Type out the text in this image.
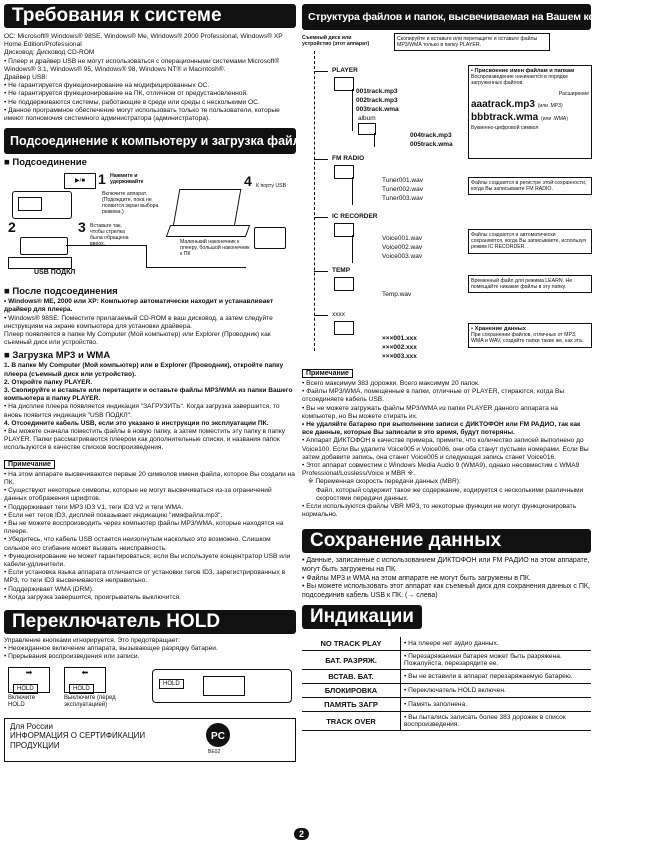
Требования к системе

ОС: Microsoft® Windows® 98SE, Windows® Me, Windows® 2000 Professional, Windows® XP Home Edition/Professional

Дисковод: Дисковод CD-ROM

• Плеер и драйвер USB не могут использоваться с операционными системами Microsoft® Windows® 3.1, Windows® 95, Windows® 98, Windows NT® и Macintosh®.

Драйвер USB:

• Не гарантируется функционирование на модифицированных ОС.

• Не гарантируется функционирование на ПК, отличном от предустановленной.

• Не поддерживаются системы, работающие в среде или среды с несколькими ОС.

• Данное программное обеспечение могут использовать только те пользователи, которые имеют полномочия системного администратора (администратора).

Подсоединение к компьютеру и загрузка файлов
■ Подсоединение
▶/■ 1 Нажмите и удерживайте
Включите аппарат. (Подождите, пока не появится экран выбора режима.)
2	3 Вставьте так, чтобы стрелка была обращена вверх.
USB ПОДКЛ
4 К порту USB
Маленький наконечник к плееру, большой наконечник к ПК
■ После подсоединения

• Windows® ME, 2000 или XP: Компьютер автоматически находит и устанавливает драйвер для плеера.

• Windows® 98SE: Поместите прилагаемый CD-ROM в ваш дисковод, а затем следуйте инструкциям на экране компьютера для установки драйвера.

Плеер появляется в папке My Computer (Мой компьютер) или Explorer (Проводник) как съемный диск или устройство.

■ Загрузка MP3 и WMA

1. В папке My Computer (Мой компьютер) или в Explorer (Проводник), откройте папку плеера (съемный диск или устройство).

2. Откройте папку PLAYER.

3. Скопируйте и вставьте или перетащите и оставьте файлы MP3/WMA из папки Вашего компьютера в папку PLAYER.

• На дисплее плеера появляется индикация "ЗАГРУЗИТЬ". Когда загрузка завершится, то вновь появится индикация "USB ПОДКЛ".

4. Отсоедините кабель USB, если это указано в инструкции по эксплуатации ПК.

• Вы можете сначала поместить файлы в новую папку, а затем поместить эту папку в папку PLAYER. Папки рассматриваются плеером как дополнительные списки, и названия папок используются в качестве списков воспроизведения.

Примечание

• На этом аппарате высвечиваются первые 20 символов имени файла, которое Вы создали на ПК.

• Существуют некоторые символы, которые не могут высвечиваться из-за ограничений данных отображения шрифтов.

• Поддерживает теги MP3 ID3 V1, теги ID3 V2 и теги WMA.

• Если нет тегов ID3, дисплей показывает индикацию "имяфайла.mp3".

• Вы не можете воспроизводить через компьютер файлы MP3/WMA, которые находятся на плеере.

• Убедитесь, что кабель USB остается неизогнутым насколько это возможно. Слишком сильное его сгибание может вызвать неисправность.

• Функционирование не может гарантироваться, если Вы используете концентратор USB или кабели-удлинители.

• Если установка языка аппарата отличается от установки тегов ID3, зарегистрированных в MP3, то теги ID3 высвечиваются неправильно.

• Поддерживает WMA (DRM).

• Когда загрузка завершится, проигрыватель выключится.

Переключатель HOLD

Управление кнопками игнорируется. Это предотвращает:

• Неожиданное включение аппарата, вызывающее разрядку батареи.

• Прерывания воспроизведения или записи.

➡
HOLD
⬅
HOLD
Включите HOLD
Выключите (перед эксплуатацией)
HOLD
Для России
ИНФОРМАЦИЯ О СЕРТИФИКАЦИИ
ПРОДУКЦИИ
PC
ВЕ02
Структура файлов и папок, высвечиваемая на Вашем компьютере
Съемный диск или устройство (этот аппарат)
Скопируйте и вставьте или перетащите и оставьте файлы MP3/WMA только в папку PLAYER.
PLAYER
001track.mp3
002track.mp3
003track.wma
album
004track.mp3
005track.wma
• Присвоение имен файлам и папкам
Воспроизведение начинается в порядке загруженных файлов.
Расширение
aaatrack.mp3 (или .MP3)
bbbtrack.wma (или .WMA)
Буквенно-цифровой символ
FM RADIO
Tuner001.wav
Tuner002.wav
Tuner003.wav
Файлы создаются в регистре этой сохранности, когда Вы записываете FM RADIO.
IC RECORDER
Voice001.wav
Voice002.wav
Voice003.wav
Файлы создаются и автоматически сохраняются, когда Вы записываете, используя режим IC RECORDER.
TEMP
Temp.wav
Временный файл для режима LEARN. Не помещайте никакие файлы в эту папку.
xxxx
×××001.xxx
×××002.xxx
×××003.xxx
• Хранение данных
При сохранении файлов, отличных от MP3, WMA и WAV, создайте папки такие же, как эта.
Примечание

• Всего максимум 383 дорожки. Всего максимум 20 папок.

• Файлы MP3/WMA, помещенные в папки, отличные от PLAYER, стираются, когда Вы отсоединяете кабель USB.

• Вы не можете загружать файлы MP3/WMA из папки PLAYER данного аппарата на компьютер, но Вы можете стирать их.

• Не удаляйте батарею при выполнении записи с ДИКТОФОН или FM РАДИО, так как все данные, которые Вы записали в это время, будут потеряны.

• Аппарат ДИКТОФОН в качестве примера, примите, что количество записей выполнено до Voice100. Если Вы удалите Voice005 и Voice006, они оба станут пустыми номерами. Если Вы затем добавите запись, она станет Voice005 и следующая запись станет Voice016.

• Этот аппарат совместим с Windows Media Audio 9 (WMA9), однако несовместим с WMA9 Professional/Lossless/Voice и MBR ※.

※ Переменная скорость передачи данных (MBR):

Файл, который содержит такое же содержание, кодируется с несколькими различными скоростями передачи данных.

• Если используются файлы VBR MP3, то некоторые функции не могут функционировать нормально.

Сохранение данных

• Данные, записанные с использованием ДИКТОФОН или FM РАДИО на этом аппарате, могут быть загружены на ПК.

• Файлы MP3 и WMA на этом аппарате не могут быть загружены в ПК.

• Вы можете использовать этот аппарат как съемный диск для сохранения данных с ПК, подсоединив кабель USB к ПК. (→ слева)

Индикации
NO TRACK PLAY	• На плеере нет аудио данных.
БАТ. РАЗРЯЖ.	• Перезаряжаемая батарея может быть разряжена. Пожалуйста, перезарядите ее.
ВСТАВ. БАТ.	• Вы не вставили в аппарат перезаряжаемую батарею.
БЛОКИРОВКА	• Переключатель HOLD включен.
ПАМЯТЬ ЗАГР	• Память заполнена.
TRACK OVER	• Вы пытались записать более 383 дорожек в список воспроизведения.
2
